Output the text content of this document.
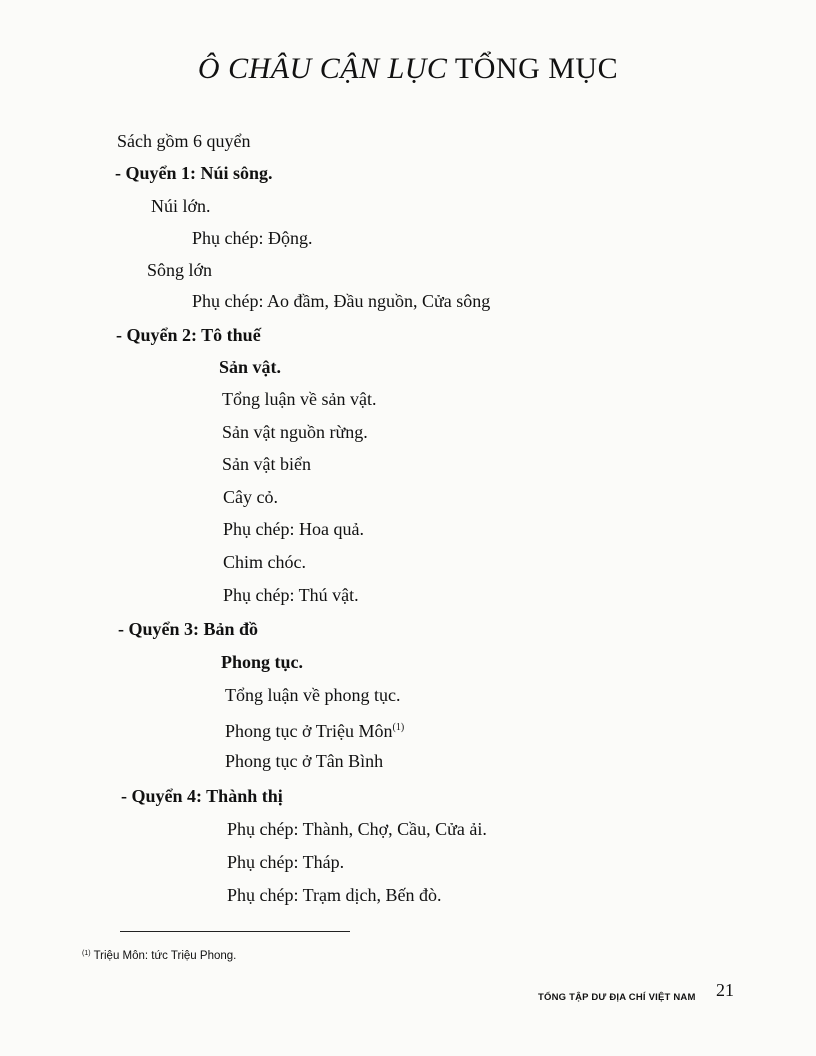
Ô CHÂU CẬN LỤC TỔNG MỤC
Sách gồm 6 quyển
- Quyển 1: Núi sông.
Núi lớn.
Phụ chép: Động.
Sông lớn
Phụ chép: Ao đầm, Đầu nguồn, Cửa sông
- Quyển 2: Tô thuế
Sản vật.
Tổng luận về sản vật.
Sản vật nguồn rừng.
Sản vật biển
Cây cỏ.
Phụ chép: Hoa quả.
Chim chóc.
Phụ chép: Thú vật.
- Quyển 3: Bản đồ
Phong tục.
Tổng luận về phong tục.
Phong tục ở Triệu Môn$^{(1)}$
Phong tục ở Tân Bình
- Quyển 4: Thành thị
Phụ chép: Thành, Chợ, Cầu, Cửa ải.
Phụ chép: Tháp.
Phụ chép: Trạm dịch, Bến đò.
$^{(1)}$ Triệu Môn: tức Triệu Phong.
TỔNG TẬP DƯ ĐỊA CHÍ VIỆT NAM 21
